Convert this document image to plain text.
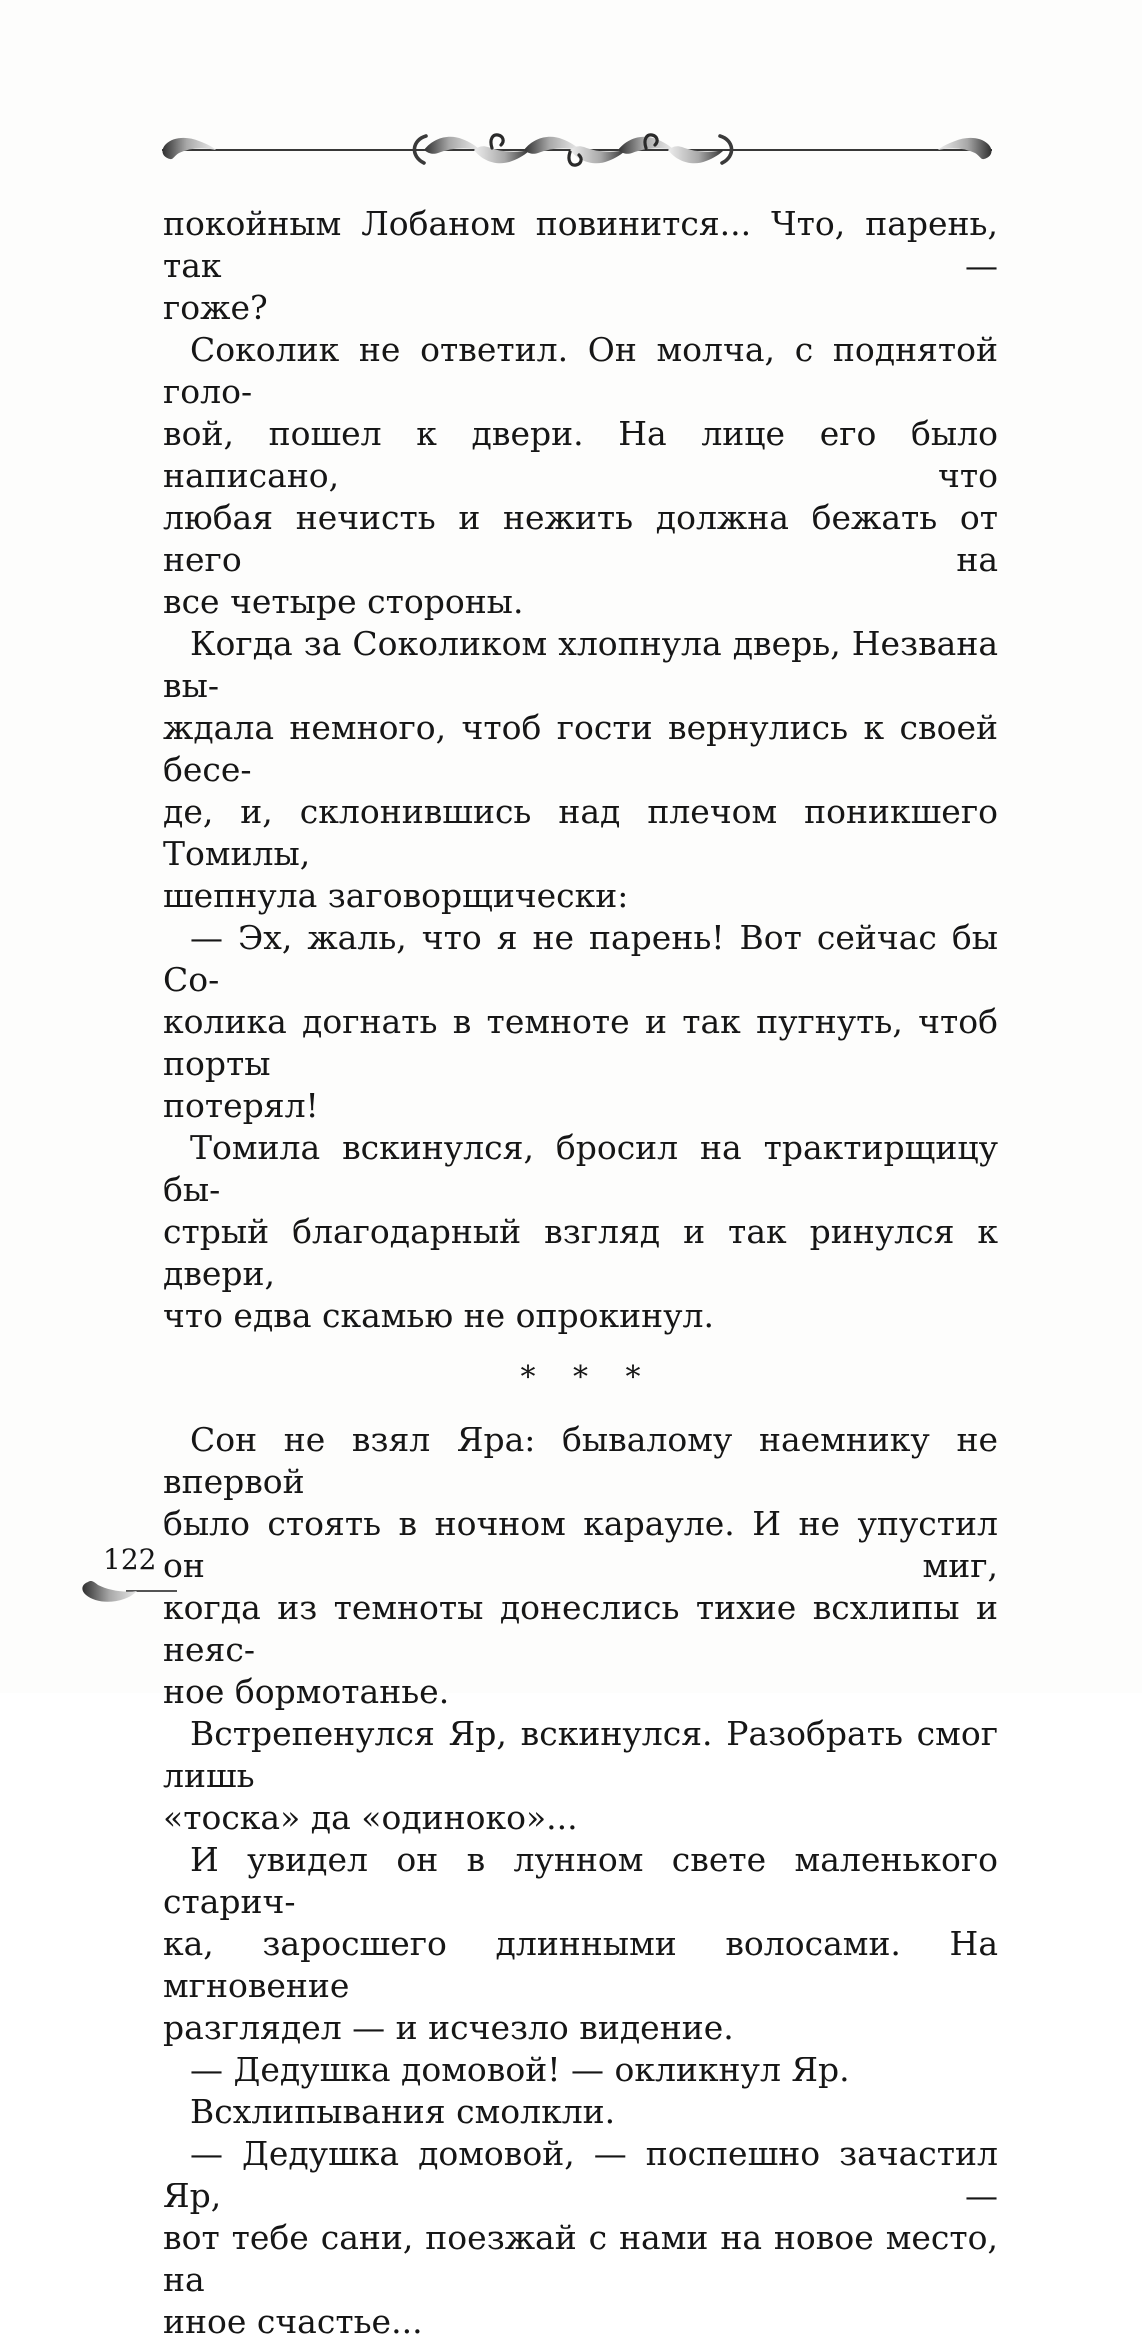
покойным Лобаном повинится... Что, парень, так —
гоже?
Соколик не ответил. Он молча, с поднятой голо-
вой, пошел к двери. На лице его было написано, что
любая нечисть и нежить должна бежать от него на
все четыре стороны.
Когда за Соколиком хлопнула дверь, Незвана вы-
ждала немного, чтоб гости вернулись к своей бесе-
де, и, склонившись над плечом поникшего Томилы,
шепнула заговорщически:
— Эх, жаль, что я не парень! Вот сейчас бы Со-
колика догнать в темноте и так пугнуть, чтоб порты
потерял!
Томила вскинулся, бросил на трактирщицу бы-
стрый благодарный взгляд и так ринулся к двери,
что едва скамью не опрокинул.
* * *
Сон не взял Яра: бывалому наемнику не впервой
было стоять в ночном карауле. И не упустил он миг,
когда из темноты донеслись тихие всхлипы и неяс-
ное бормотанье.
Встрепенулся Яр, вскинулся. Разобрать смог лишь
«тоска» да «одиноко»...
И увидел он в лунном свете маленького старич-
ка, заросшего длинными волосами. На мгновение
разглядел — и исчезло видение.
— Дедушка домовой! — окликнул Яр.
Всхлипывания смолкли.
— Дедушка домовой, — поспешно зачастил Яр, —
вот тебе сани, поезжай с нами на новое место, на
иное счастье...
122
